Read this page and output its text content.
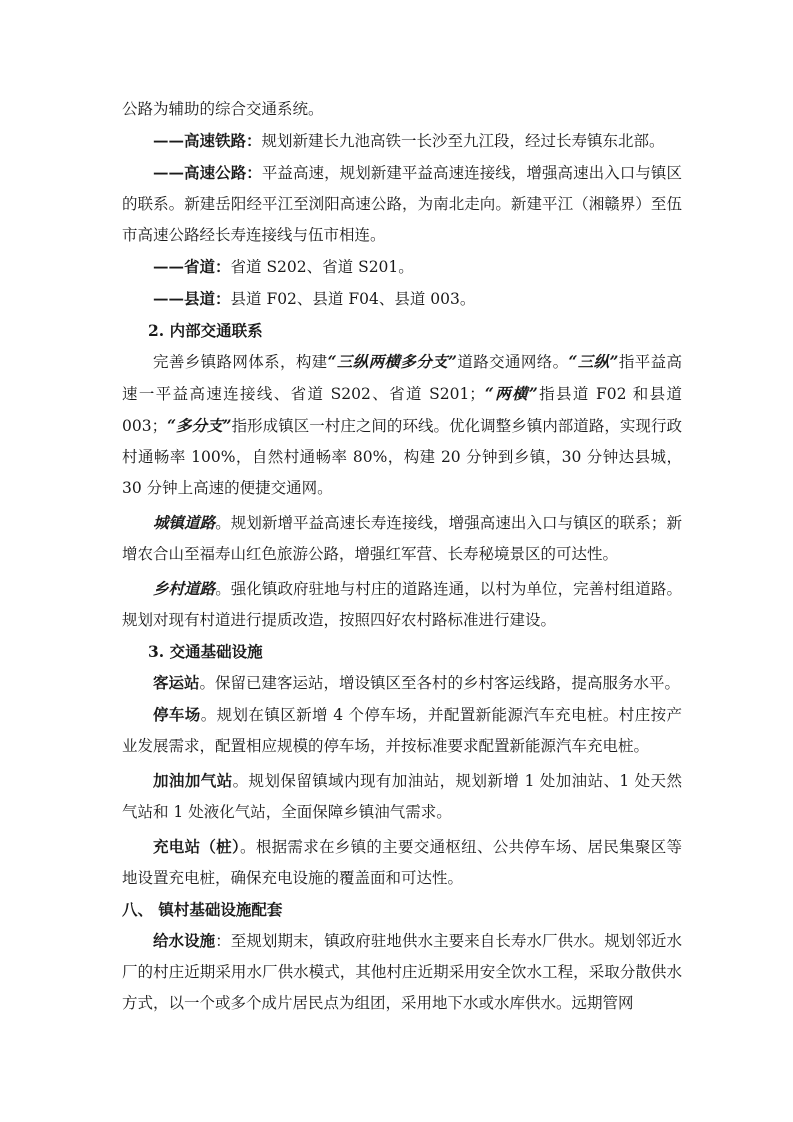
公路为辅助的综合交通系统。

——高速铁路：规划新建长九池高铁一长沙至九江段，经过长寿镇东北部。

——高速公路：平益高速，规划新建平益高速连接线，增强高速出入口与镇区的联系。新建岳阳经平江至浏阳高速公路，为南北走向。新建平江（湘赣界）至伍市高速公路经长寿连接线与伍市相连。

——省道：省道 S202、省道 S201。

——县道：县道 F02、县道 F04、县道 003。

2. 内部交通联系

完善乡镇路网体系，构建“三纵两横多分支”道路交通网络。“三纵”指平益高速一平益高速连接线、省道 S202、省道 S201；“两横”指县道 F02 和县道 003；“多分支”指形成镇区一村庄之间的环线。优化调整乡镇内部道路，实现行政村通畅率 100%，自然村通畅率 80%，构建 20 分钟到乡镇，30 分钟达县城，30 分钟上高速的便捷交通网。

城镇道路。规划新增平益高速长寿连接线，增强高速出入口与镇区的联系；新增农合山至福寿山红色旅游公路，增强红军营、长寿秘境景区的可达性。

乡村道路。强化镇政府驻地与村庄的道路连通，以村为单位，完善村组道路。规划对现有村道进行提质改造，按照四好农村路标准进行建设。

3. 交通基础设施

客运站。保留已建客运站，增设镇区至各村的乡村客运线路，提高服务水平。

停车场。规划在镇区新增 4 个停车场，并配置新能源汽车充电桩。村庄按产业发展需求，配置相应规模的停车场，并按标准要求配置新能源汽车充电桩。

加油加气站。规划保留镇域内现有加油站，规划新增 1 处加油站、1 处天然气站和 1 处液化气站，全面保障乡镇油气需求。

充电站（桩）。根据需求在乡镇的主要交通枢纽、公共停车场、居民集聚区等地设置充电桩，确保充电设施的覆盖面和可达性。

八、 镇村基础设施配套

给水设施：至规划期末，镇政府驻地供水主要来自长寿水厂供水。规划邻近水厂的村庄近期采用水厂供水模式，其他村庄近期采用安全饮水工程，采取分散供水方式，以一个或多个成片居民点为组团，采用地下水或水库供水。远期管网
